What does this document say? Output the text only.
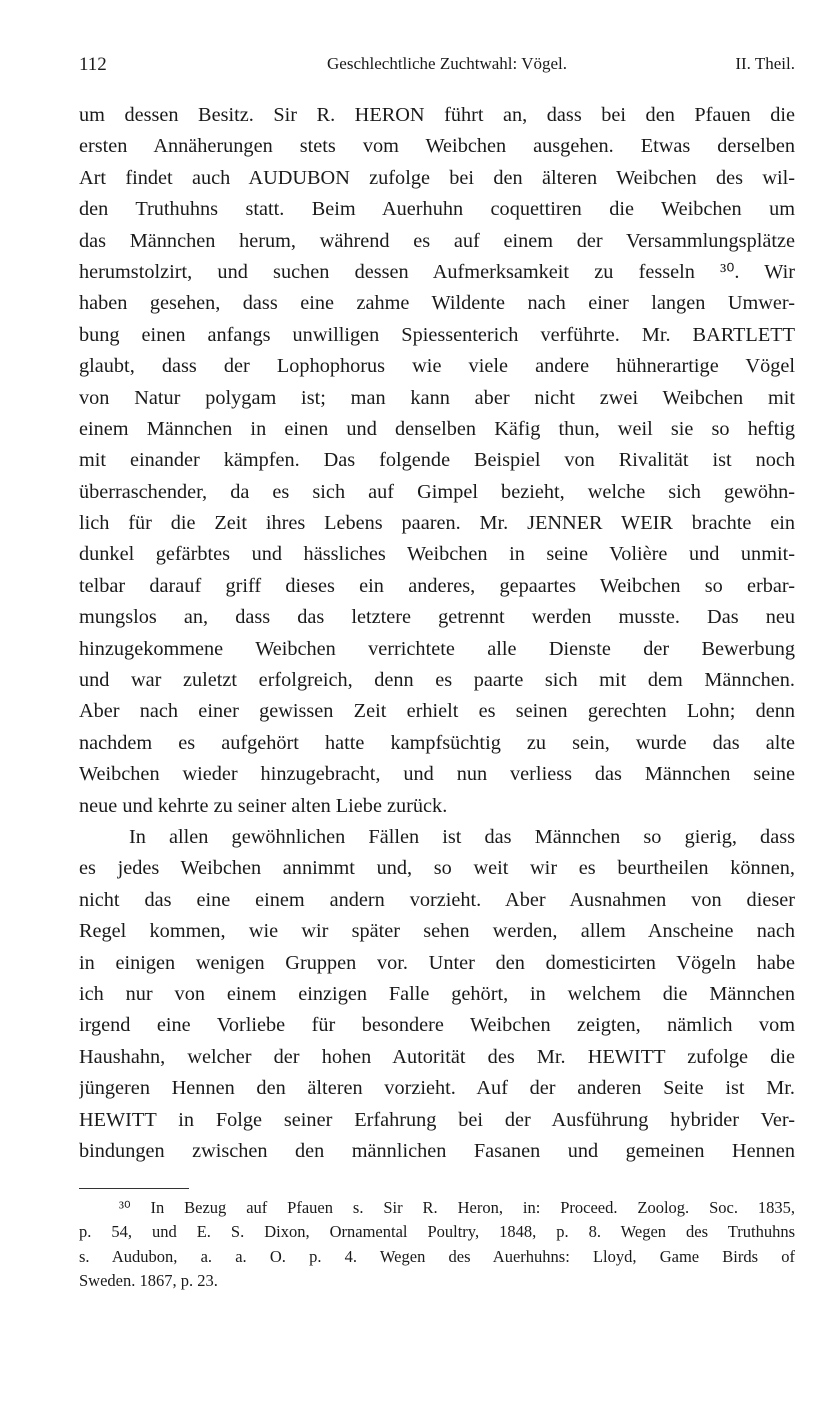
112	Geschlechtliche Zuchtwahl: Vögel.	II. Theil.
um dessen Besitz. Sir R. HERON führt an, dass bei den Pfauen die
ersten Annäherungen stets vom Weibchen ausgehen. Etwas derselben
Art findet auch AUDUBON zufolge bei den älteren Weibchen des wil-
den Truthuhns statt. Beim Auerhuhn coquettiren die Weibchen um
das Männchen herum, während es auf einem der Versammlungsplätze
herumstolzirt, und suchen dessen Aufmerksamkeit zu fesseln ³⁰. Wir
haben gesehen, dass eine zahme Wildente nach einer langen Umwer-
bung einen anfangs unwilligen Spiessenterich verführte. Mr. BARTLETT
glaubt, dass der Lophophorus wie viele andere hühnerartige Vögel
von Natur polygam ist; man kann aber nicht zwei Weibchen mit
einem Männchen in einen und denselben Käfig thun, weil sie so heftig
mit einander kämpfen. Das folgende Beispiel von Rivalität ist noch
überraschender, da es sich auf Gimpel bezieht, welche sich gewöhn-
lich für die Zeit ihres Lebens paaren. Mr. JENNER WEIR brachte ein
dunkel gefärbtes und hässliches Weibchen in seine Volière und unmit-
telbar darauf griff dieses ein anderes, gepaartes Weibchen so erbar-
mungslos an, dass das letztere getrennt werden musste. Das neu
hinzugekommene Weibchen verrichtete alle Dienste der Bewerbung
und war zuletzt erfolgreich, denn es paarte sich mit dem Männchen.
Aber nach einer gewissen Zeit erhielt es seinen gerechten Lohn; denn
nachdem es aufgehört hatte kampfsüchtig zu sein, wurde das alte
Weibchen wieder hinzugebracht, und nun verliess das Männchen seine
neue und kehrte zu seiner alten Liebe zurück.
In allen gewöhnlichen Fällen ist das Männchen so gierig, dass
es jedes Weibchen annimmt und, so weit wir es beurtheilen können,
nicht das eine einem andern vorzieht. Aber Ausnahmen von dieser
Regel kommen, wie wir später sehen werden, allem Anscheine nach
in einigen wenigen Gruppen vor. Unter den domesticirten Vögeln habe
ich nur von einem einzigen Falle gehört, in welchem die Männchen
irgend eine Vorliebe für besondere Weibchen zeigten, nämlich vom
Haushahn, welcher der hohen Autorität des Mr. HEWITT zufolge die
jüngeren Hennen den älteren vorzieht. Auf der anderen Seite ist Mr.
HEWITT in Folge seiner Erfahrung bei der Ausführung hybrider Ver-
bindungen zwischen den männlichen Fasanen und gemeinen Hennen
³⁰ In Bezug auf Pfauen s. Sir R. Heron, in: Proceed. Zoolog. Soc. 1835,
p. 54, und E. S. Dixon, Ornamental Poultry, 1848, p. 8. Wegen des Truthuhns
s. Audubon, a. a. O. p. 4. Wegen des Auerhuhns: Lloyd, Game Birds of
Sweden. 1867, p. 23.
